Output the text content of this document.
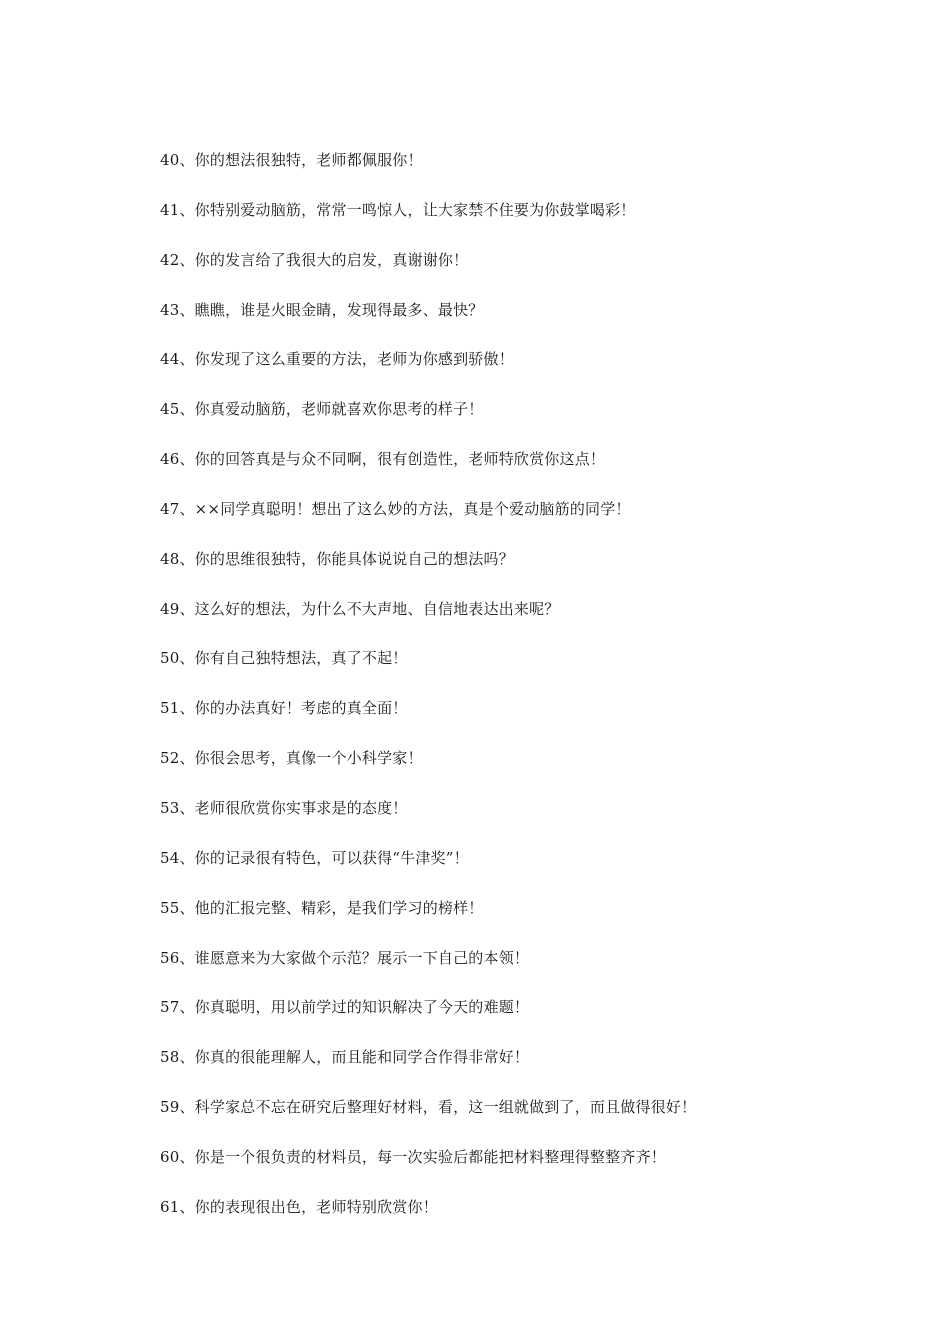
40、你的想法很独特，老师都佩服你！
41、你特别爱动脑筋，常常一鸣惊人，让大家禁不住要为你鼓掌喝彩！
42、你的发言给了我很大的启发，真谢谢你！
43、瞧瞧，谁是火眼金睛，发现得最多、最快？
44、你发现了这么重要的方法，老师为你感到骄傲！
45、你真爱动脑筋，老师就喜欢你思考的样子！
46、你的回答真是与众不同啊，很有创造性，老师特欣赏你这点！
47、××同学真聪明！想出了这么妙的方法，真是个爱动脑筋的同学！
48、你的思维很独特，你能具体说说自己的想法吗？
49、这么好的想法，为什么不大声地、自信地表达出来呢？
50、你有自己独特想法，真了不起！
51、你的办法真好！考虑的真全面！
52、你很会思考，真像一个小科学家！
53、老师很欣赏你实事求是的态度！
54、你的记录很有特色，可以获得“牛津奖”！
55、他的汇报完整、精彩，是我们学习的榜样！
56、谁愿意来为大家做个示范？展示一下自己的本领！
57、你真聪明，用以前学过的知识解决了今天的难题！
58、你真的很能理解人，而且能和同学合作得非常好！
59、科学家总不忘在研究后整理好材料，看，这一组就做到了，而且做得很好！
60、你是一个很负责的材料员，每一次实验后都能把材料整理得整整齐齐！
61、你的表现很出色，老师特别欣赏你！
